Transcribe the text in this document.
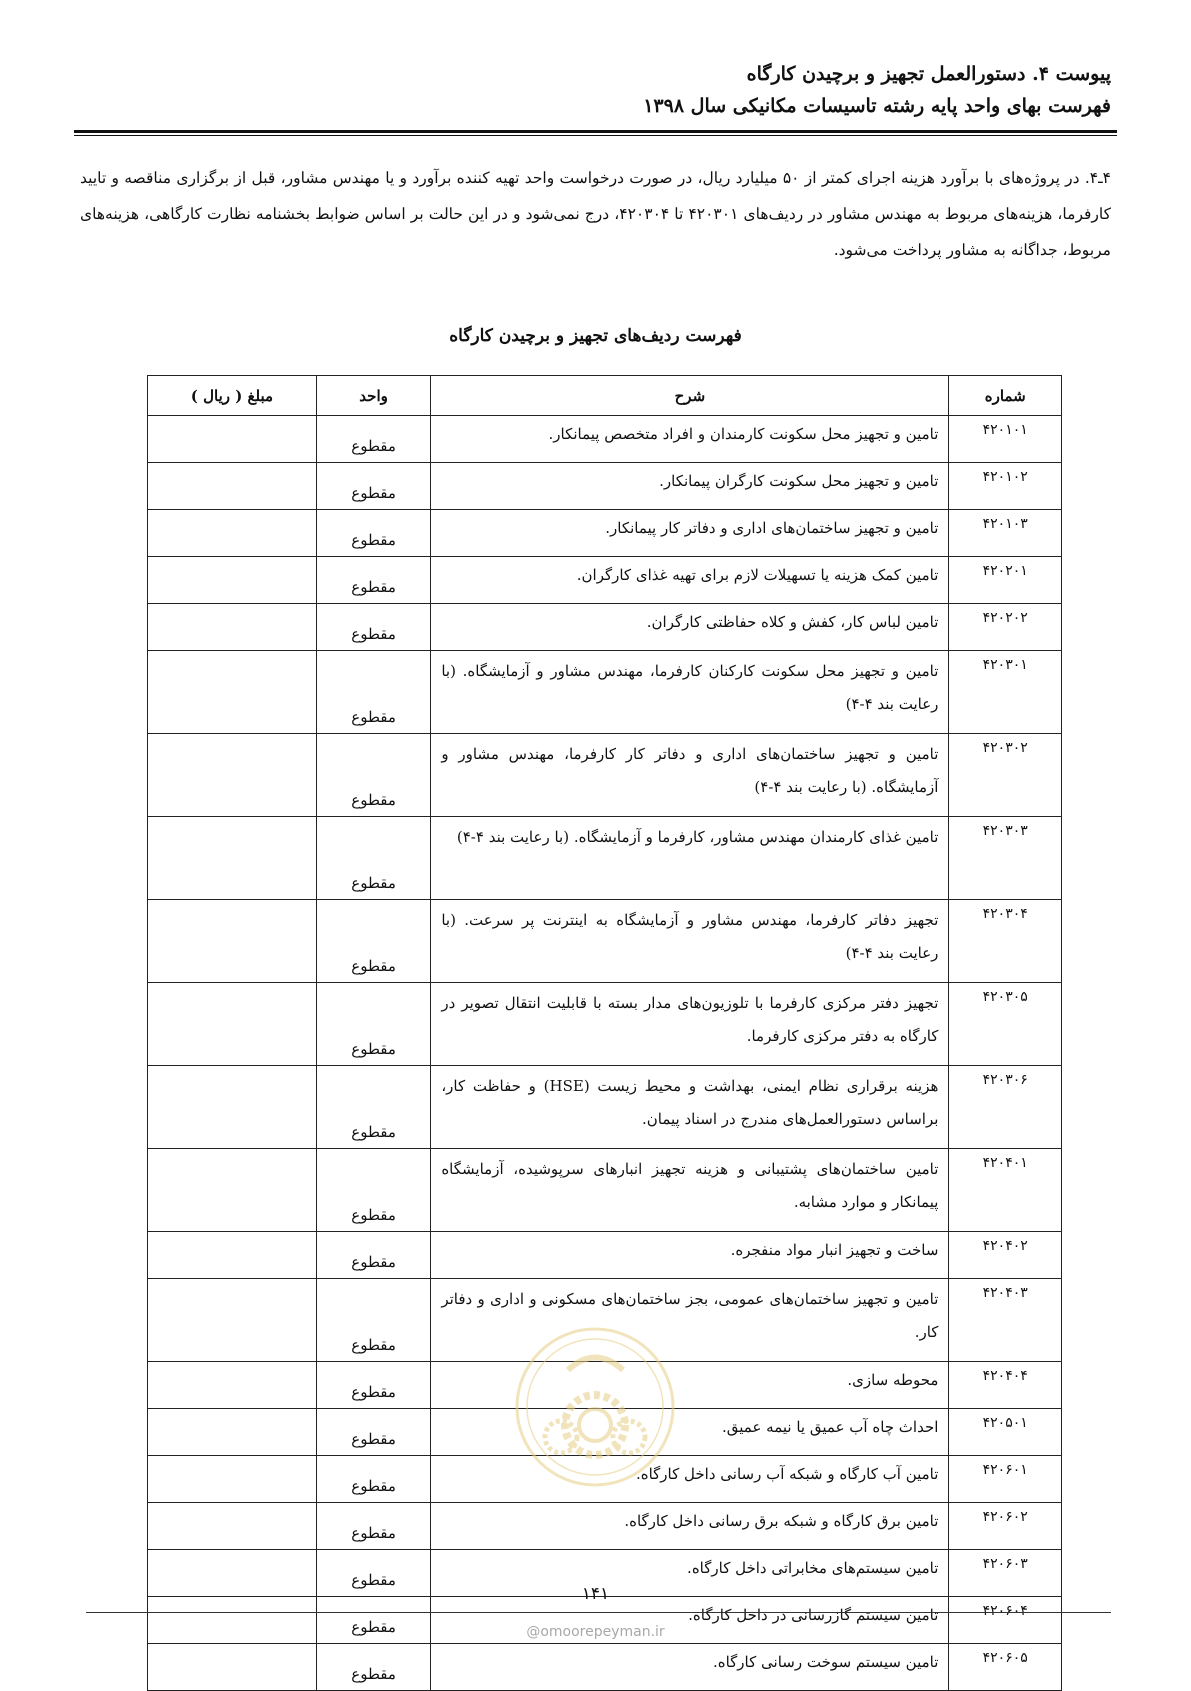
پیوست ۴. دستورالعمل تجهیز و برچیدن کارگاه
فهرست بهای واحد پایه رشته تاسیسات مکانیکی سال ۱۳۹۸

۴ـ۴. در پروژه‌های با برآورد هزینه اجرای کمتر از ۵۰ میلیارد ریال، در صورت درخواست واحد تهیه کننده برآورد و یا مهندس مشاور، قبل از برگزاری مناقصه و تایید کارفرما، هزینه‌های مربوط به مهندس مشاور در ردیف‌های ۴۲۰۳۰۱ تا ۴۲۰۳۰۴، درج نمی‌شود و در این حالت بر اساس ضوابط بخشنامه نظارت کارگاهی، هزینه‌های مربوط، جداگانه به مشاور پرداخت می‌شود.

فهرست ردیف‌های تجهیز و برچیدن کارگاه
شماره	شرح	واحد	مبلغ ( ریال )
۴۲۰۱۰۱	تامین و تجهیز محل سکونت کارمندان و افراد متخصص پیمانکار.	مقطوع	
۴۲۰۱۰۲	تامین و تجهیز محل سکونت کارگران پیمانکار.	مقطوع	
۴۲۰۱۰۳	تامین و تجهیز ساختمان‌های اداری و دفاتر کار پیمانکار.	مقطوع	
۴۲۰۲۰۱	تامین کمک هزینه یا تسهیلات لازم برای تهیه غذای کارگران.	مقطوع	
۴۲۰۲۰۲	تامین لباس کار، کفش و کلاه حفاظتی کارگران.	مقطوع	
۴۲۰۳۰۱	تامین و تجهیز محل سکونت کارکنان کارفرما، مهندس مشاور و آزمایشگاه. (با رعایت بند ۴-۴)	مقطوع	
۴۲۰۳۰۲	تامین و تجهیز ساختمان‌های اداری و دفاتر کار کارفرما، مهندس مشاور و آزمایشگاه. (با رعایت بند ۴-۴)	مقطوع	
۴۲۰۳۰۳	تامین غذای کارمندان مهندس مشاور، کارفرما و آزمایشگاه. (با رعایت بند ۴-۴)	مقطوع	
۴۲۰۳۰۴	تجهیز دفاتر کارفرما، مهندس مشاور و آزمایشگاه به اینترنت پر سرعت. (با رعایت بند ۴-۴)	مقطوع	
۴۲۰۳۰۵	تجهیز دفتر مرکزی کارفرما با تلوزیون‌های مدار بسته با قابلیت انتقال تصویر در کارگاه به دفتر مرکزی کارفرما.	مقطوع	
۴۲۰۳۰۶	هزینه برقراری نظام ایمنی، بهداشت و محیط زیست (HSE) و حفاظت کار، براساس دستورالعمل‌های مندرج در اسناد پیمان.	مقطوع	
۴۲۰۴۰۱	تامین ساختمان‌های پشتیبانی و هزینه تجهیز انبارهای سرپوشیده، آزمایشگاه پیمانکار و موارد مشابه.	مقطوع	
۴۲۰۴۰۲	ساخت و تجهیز انبار مواد منفجره.	مقطوع	
۴۲۰۴۰۳	تامین و تجهیز ساختمان‌های عمومی، بجز ساختمان‌های مسکونی و اداری و دفاتر کار.	مقطوع	
۴۲۰۴۰۴	محوطه سازی.	مقطوع	
۴۲۰۵۰۱	احداث چاه آب عمیق یا نیمه عمیق.	مقطوع	
۴۲۰۶۰۱	تامین آب کارگاه و شبکه آب رسانی داخل کارگاه.	مقطوع	
۴۲۰۶۰۲	تامین برق کارگاه و شبکه برق رسانی داخل کارگاه.	مقطوع	
۴۲۰۶۰۳	تامین سیستم‌های مخابراتی داخل کارگاه.	مقطوع	
۴۲۰۶۰۴	تامین سیستم گازرسانی در داخل کارگاه.	مقطوع	
۴۲۰۶۰۵	تامین سیستم سوخت رسانی کارگاه.	مقطوع	
۱۴۱
@omoorepeyman.ir
